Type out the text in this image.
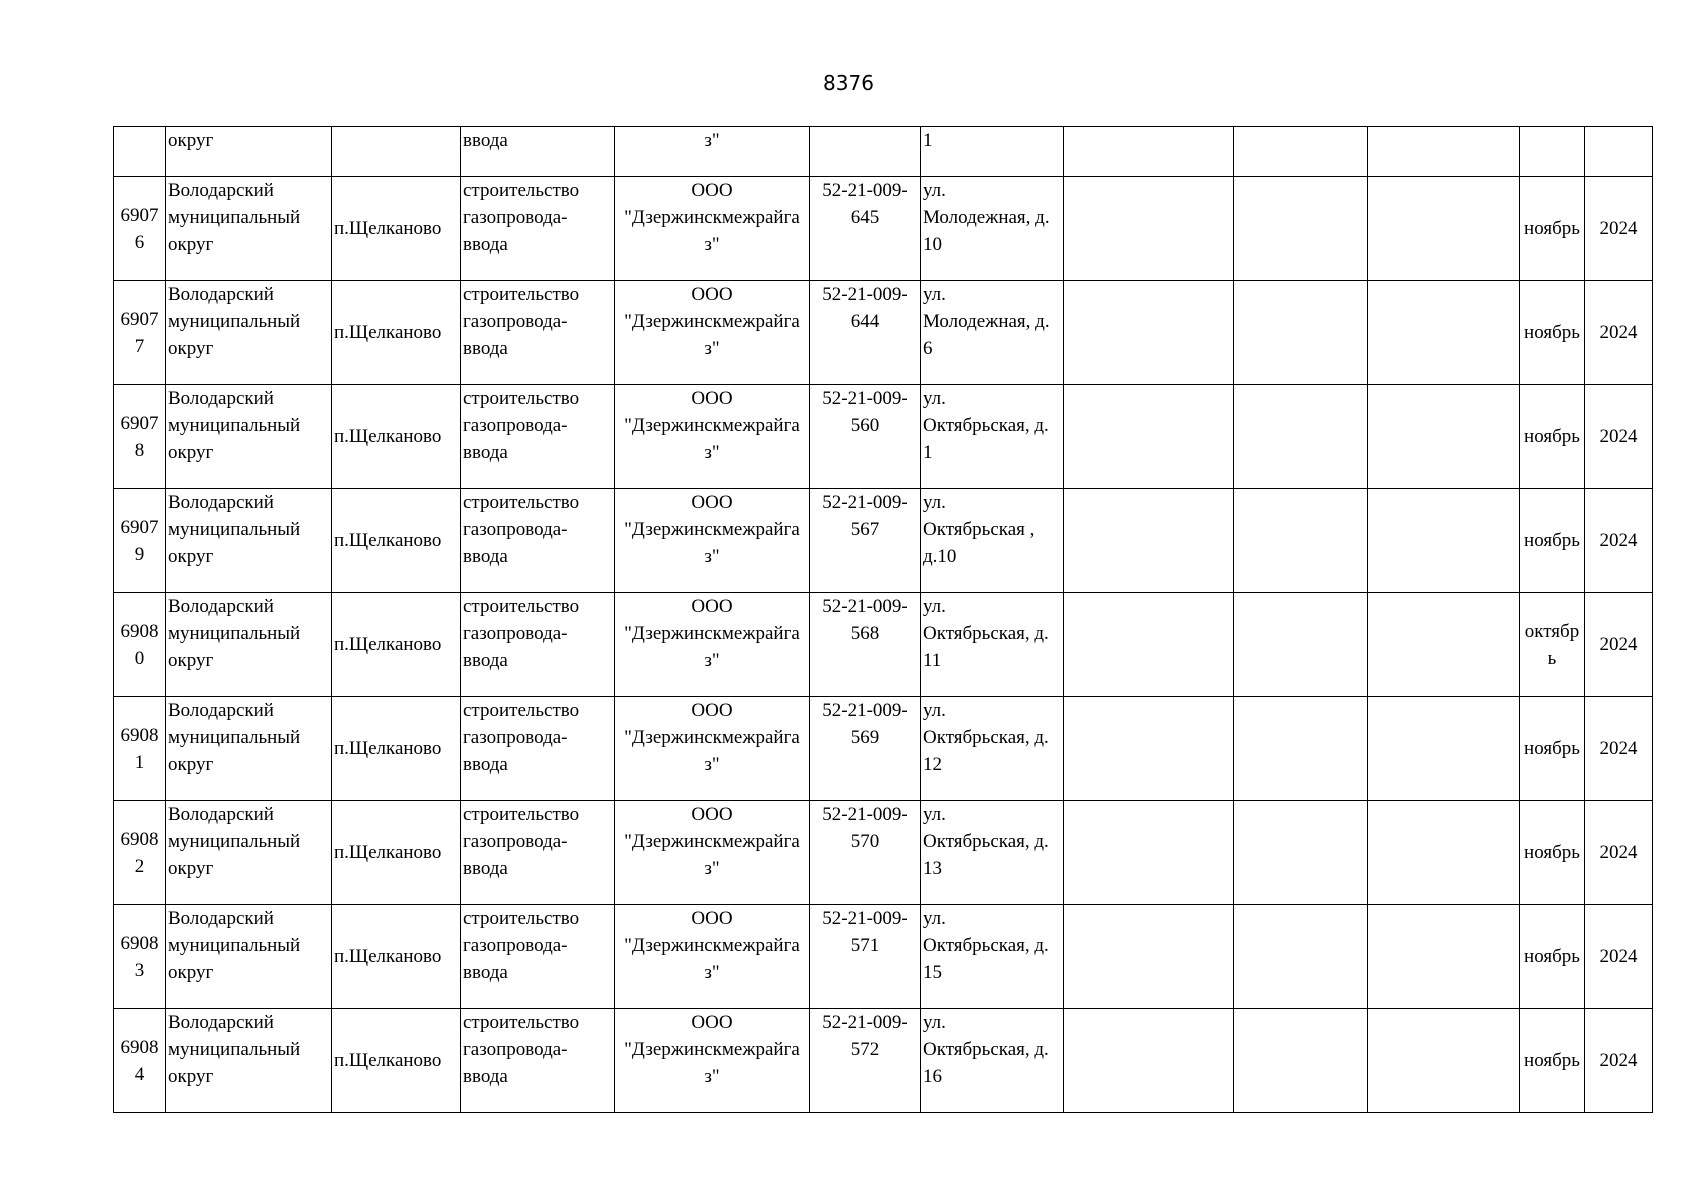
8376
	округ		ввода	з"		1					
69076	Володарский
муниципальный
округ	п.Щелканово	строительство
газопровода-
ввода	ООО
"Дзержинскмежрайга
з"	52-21-009-
645	ул.
Молодежная, д.
10				ноябрь	2024
69077	Володарский
муниципальный
округ	п.Щелканово	строительство
газопровода-
ввода	ООО
"Дзержинскмежрайга
з"	52-21-009-
644	ул.
Молодежная, д.
6				ноябрь	2024
69078	Володарский
муниципальный
округ	п.Щелканово	строительство
газопровода-
ввода	ООО
"Дзержинскмежрайга
з"	52-21-009-
560	ул.
Октябрьская, д.
1				ноябрь	2024
69079	Володарский
муниципальный
округ	п.Щелканово	строительство
газопровода-
ввода	ООО
"Дзержинскмежрайга
з"	52-21-009-
567	ул.
Октябрьская ,
д.10				ноябрь	2024
69080	Володарский
муниципальный
округ	п.Щелканово	строительство
газопровода-
ввода	ООО
"Дзержинскмежрайга
з"	52-21-009-
568	ул.
Октябрьская, д.
11				октябр
ь	2024
69081	Володарский
муниципальный
округ	п.Щелканово	строительство
газопровода-
ввода	ООО
"Дзержинскмежрайга
з"	52-21-009-
569	ул.
Октябрьская, д.
12				ноябрь	2024
69082	Володарский
муниципальный
округ	п.Щелканово	строительство
газопровода-
ввода	ООО
"Дзержинскмежрайга
з"	52-21-009-
570	ул.
Октябрьская, д.
13				ноябрь	2024
69083	Володарский
муниципальный
округ	п.Щелканово	строительство
газопровода-
ввода	ООО
"Дзержинскмежрайга
з"	52-21-009-
571	ул.
Октябрьская, д.
15				ноябрь	2024
69084	Володарский
муниципальный
округ	п.Щелканово	строительство
газопровода-
ввода	ООО
"Дзержинскмежрайга
з"	52-21-009-
572	ул.
Октябрьская, д.
16				ноябрь	2024
